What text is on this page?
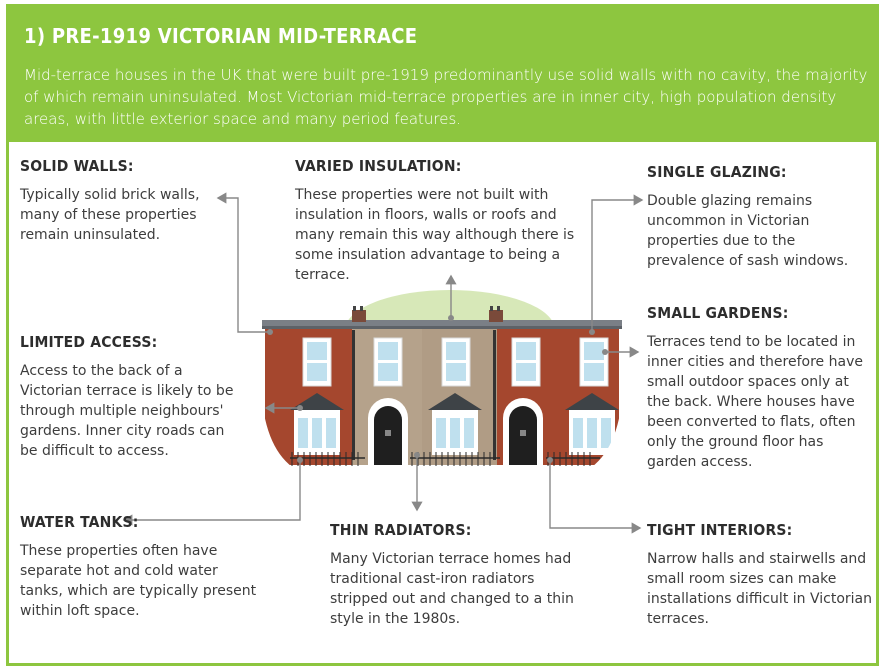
1) PRE-1919 VICTORIAN MID-TERRACE
Mid-terrace houses in the UK that were built pre-1919 predominantly use solid walls with no cavity, the majority of which remain uninsulated. Most Victorian mid-terrace properties are in inner city, high population density areas, with little exterior space and many period features.
SOLID WALLS:

Typically solid brick walls, many of these properties remain uninsulated.

VARIED INSULATION:

These properties were not built with insulation in floors, walls or roofs and many remain this way although there is some insulation advantage to being a terrace.

SINGLE GLAZING:

Double glazing remains uncommon in Victorian properties due to the prevalence of sash windows.

SMALL GARDENS:

Terraces tend to be located in inner cities and therefore have small outdoor spaces only at the back. Where houses have been converted to flats, often only the ground floor has garden access.

LIMITED ACCESS:

Access to the back of a Victorian terrace is likely to be through multiple neighbours' gardens. Inner city roads can be difficult to access.

WATER TANKS:

These properties often have separate hot and cold water tanks, which are typically present within loft space.

THIN RADIATORS:

Many Victorian terrace homes had traditional cast-iron radiators stripped out and changed to a thin style in the 1980s.

TIGHT INTERIORS:

Narrow halls and stairwells and small room sizes can make installations difficult in Victorian terraces.
